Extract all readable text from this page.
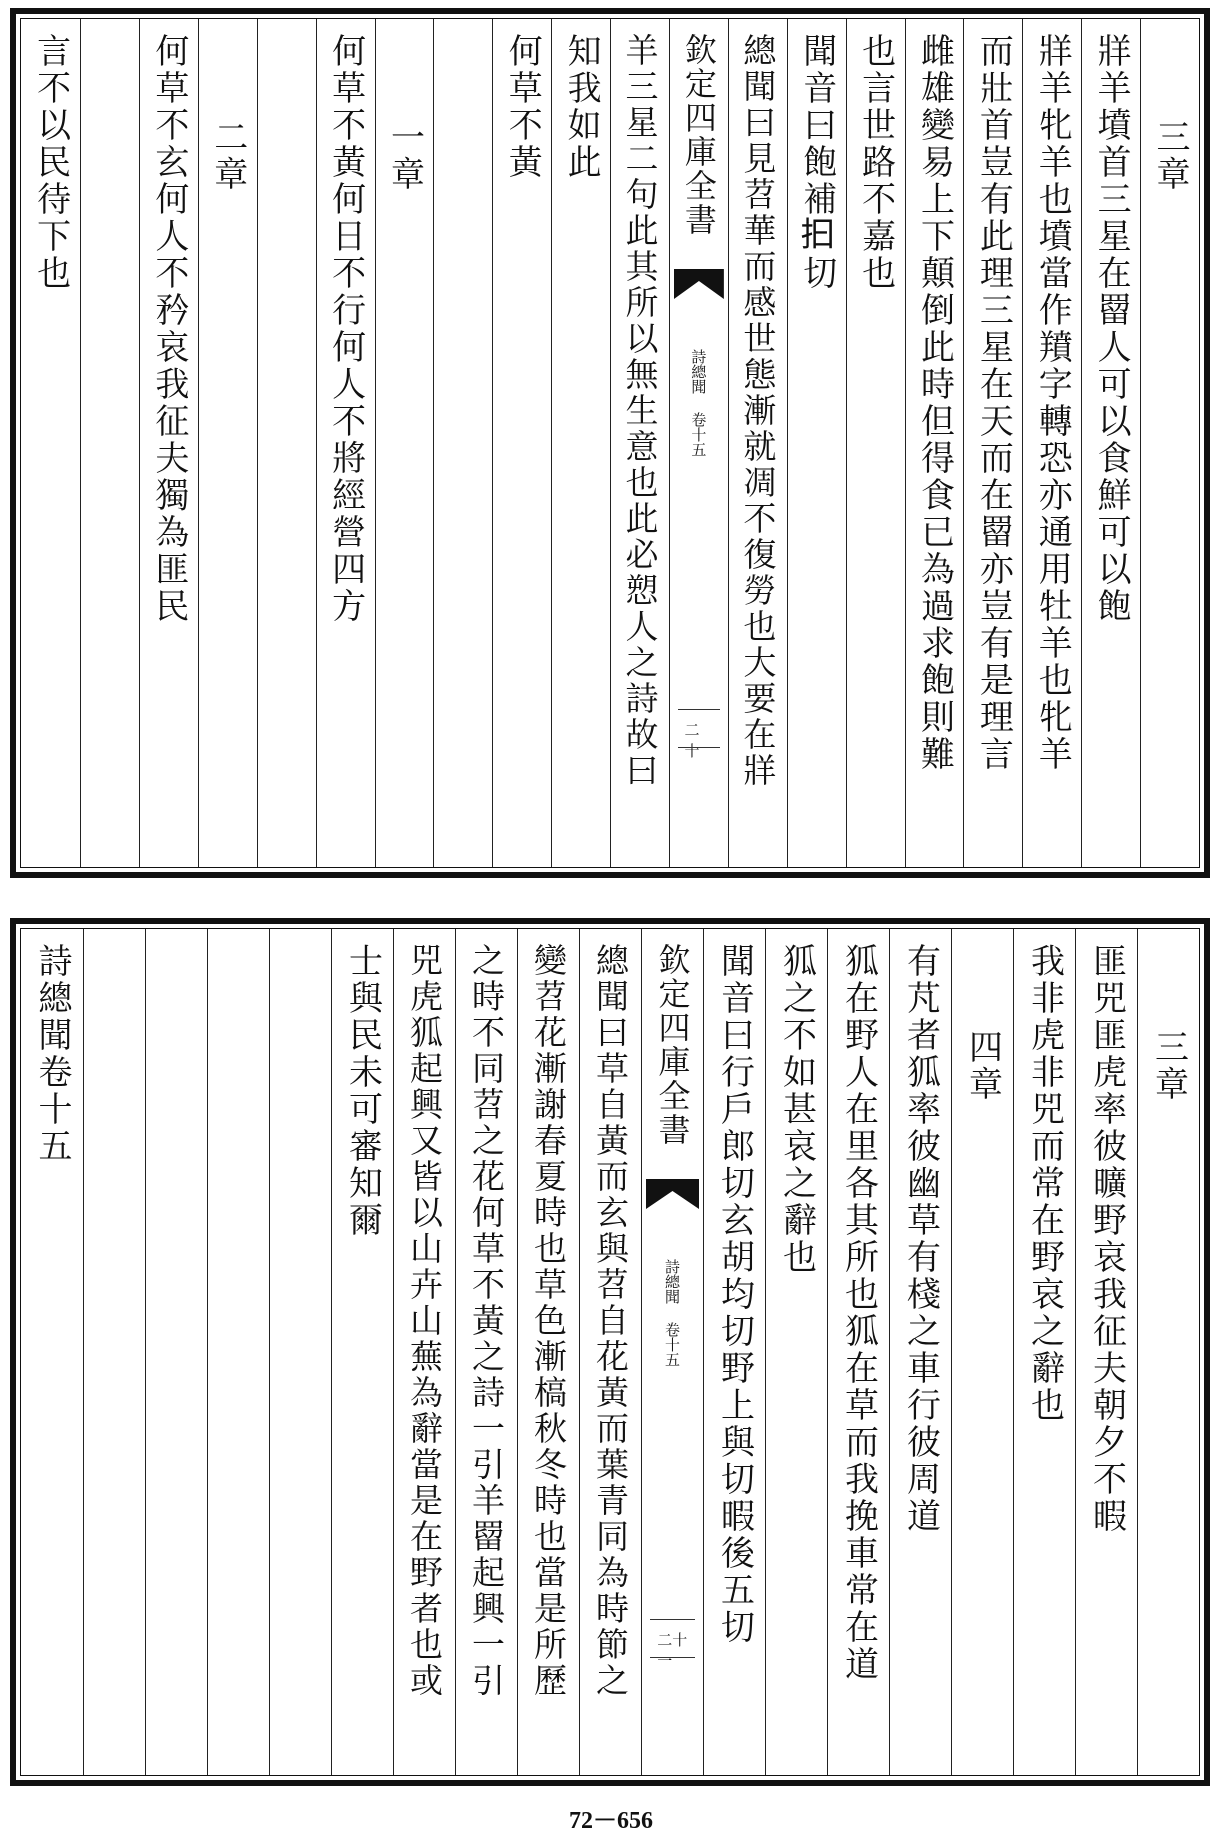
三章
牂羊墳首三星在罶人可以食鮮可以飽
牂羊牝羊也墳當作羵字轉恐亦通用牡羊也牝羊
而壯首豈有此理三星在天而在罶亦豈有是理言
雌雄變易上下顛倒此時但得食已為過求飽則難
也言世路不嘉也
聞音曰飽補𢪏切
總聞曰見苕華而感世態漸就凋不復勞也大要在牂
欽定四庫全書
詩總聞 卷十五
二十
羊三星二句此其所以無生意也此必愬人之詩故曰
知我如此
何草不黃
一章
何草不黃何日不行何人不將經營四方
二章
何草不玄何人不矜哀我征夫獨為匪民
言不以民待下也
三章
匪兕匪虎率彼曠野哀我征夫朝夕不暇
我非虎非兕而常在野哀之辭也
四章
有芃者狐率彼幽草有棧之車行彼周道
狐在野人在里各其所也狐在草而我挽車常在道
狐之不如甚哀之辭也
聞音曰行戶郎切玄胡均切野上與切暇後五切
欽定四庫全書
詩總聞 卷十五
二十一
總聞曰草自黃而玄與苕自花黃而葉青同為時節之
變苕花漸謝春夏時也草色漸槁秋冬時也當是所歷
之時不同苕之花何草不黃之詩一引羊罶起興一引
兕虎狐起興又皆以山卉山蕪為辭當是在野者也或
士與民未可審知爾
詩總聞卷十五
72－656
